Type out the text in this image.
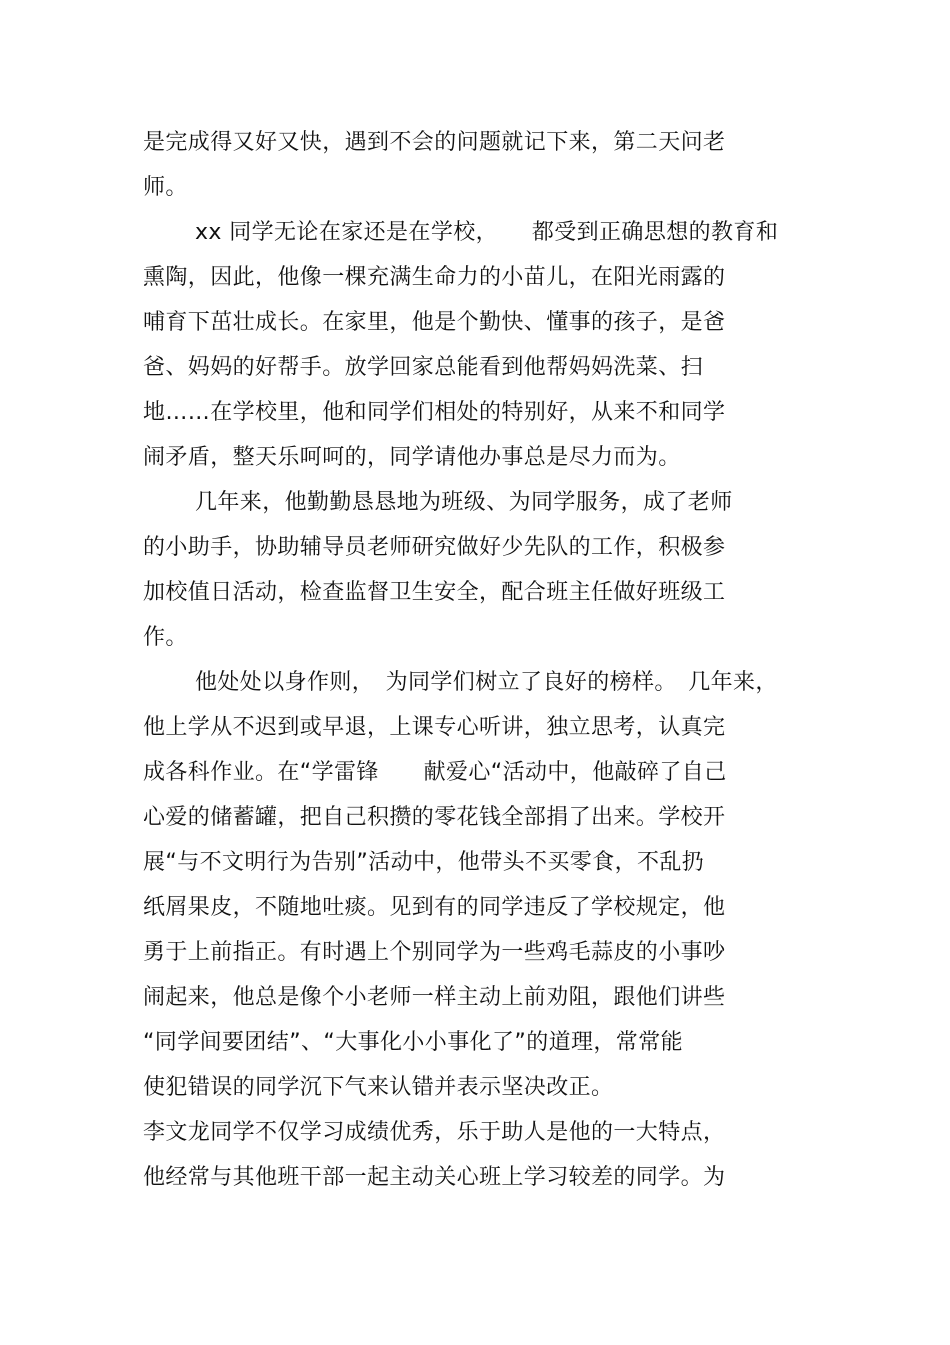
是完成得又好又快，遇到不会的问题就记下来，第二天问老
师。
xx 同学无论在家还是在学校，　　都受到正确思想的教育和
熏陶，因此，他像一棵充满生命力的小苗儿，在阳光雨露的
哺育下茁壮成长。在家里，他是个勤快、懂事的孩子，是爸
爸、妈妈的好帮手。放学回家总能看到他帮妈妈洗菜、扫
地……在学校里，他和同学们相处的特别好，从来不和同学
闹矛盾，整天乐呵呵的，同学请他办事总是尽力而为。
几年来，他勤勤恳恳地为班级、为同学服务，成了老师
的小助手，协助辅导员老师研究做好少先队的工作，积极参
加校值日活动，检查监督卫生安全，配合班主任做好班级工
作。
他处处以身作则，　为同学们树立了良好的榜样。　几年来，
他上学从不迟到或早退，上课专心听讲，独立思考，认真完
成各科作业。在“学雷锋　　献爱心“活动中，他敲碎了自己
心爱的储蓄罐，把自己积攒的零花钱全部捐了出来。学校开
展“与不文明行为告别”活动中，他带头不买零食，不乱扔
纸屑果皮，不随地吐痰。见到有的同学违反了学校规定，他
勇于上前指正。有时遇上个别同学为一些鸡毛蒜皮的小事吵
闹起来，他总是像个小老师一样主动上前劝阻，跟他们讲些
“同学间要团结”、“大事化小小事化了”的道理，常常能
使犯错误的同学沉下气来认错并表示坚决改正。
李文龙同学不仅学习成绩优秀，乐于助人是他的一大特点，
他经常与其他班干部一起主动关心班上学习较差的同学。为
